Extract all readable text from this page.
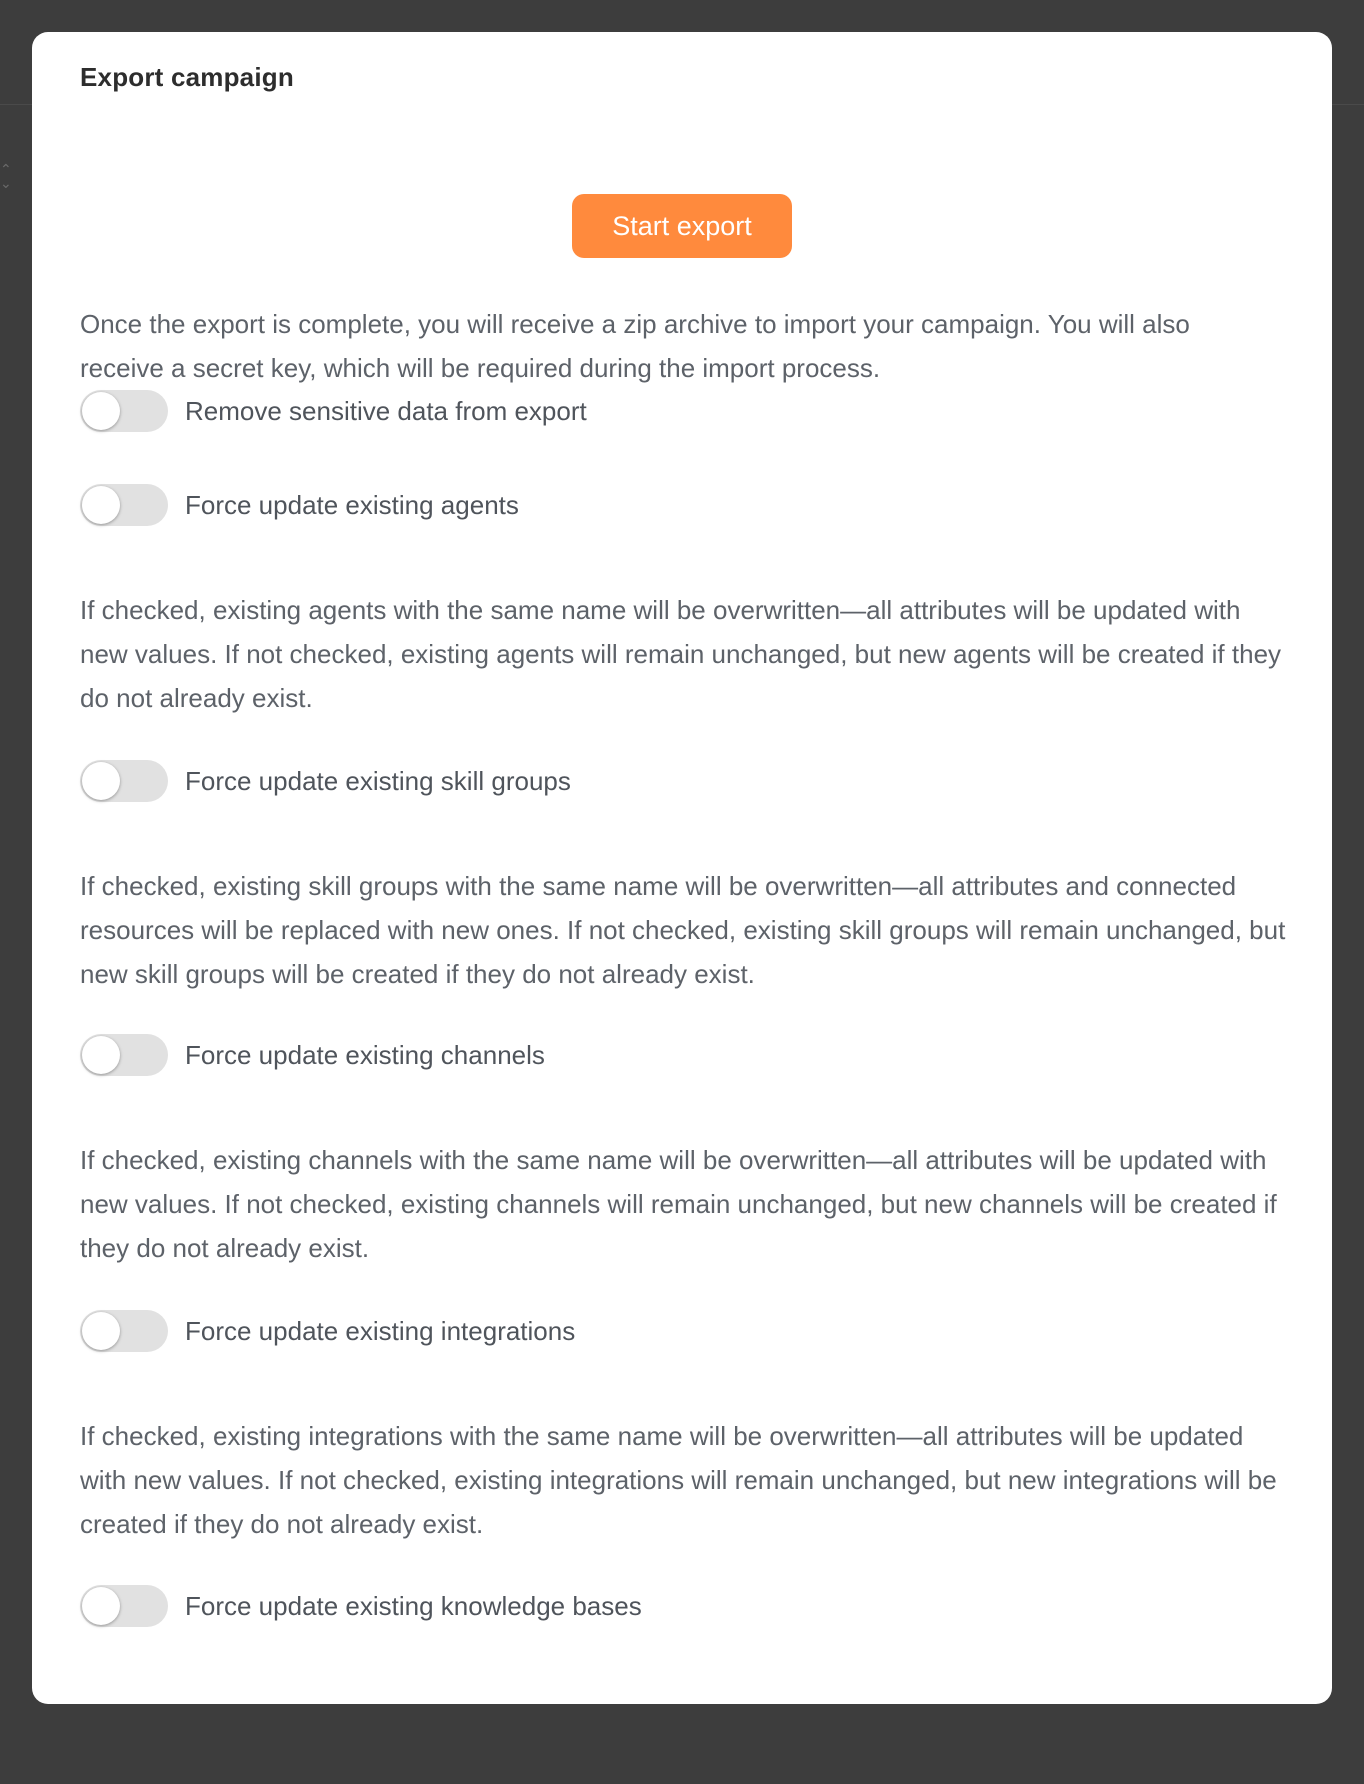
⌃
⌄
Export campaign
Start export

Once the export is complete, you will receive a zip archive to import your campaign. You will also receive a secret key, which will be required during the import process.

Remove sensitive data from export
Force update existing agents

If checked, existing agents with the same name will be overwritten—all attributes will be updated with new values. If not checked, existing agents will remain unchanged, but new agents will be created if they do not already exist.

Force update existing skill groups

If checked, existing skill groups with the same name will be overwritten—all attributes and connected resources will be replaced with new ones. If not checked, existing skill groups will remain unchanged, but new skill groups will be created if they do not already exist.

Force update existing channels

If checked, existing channels with the same name will be overwritten—all attributes will be updated with new values. If not checked, existing channels will remain unchanged, but new channels will be created if they do not already exist.

Force update existing integrations

If checked, existing integrations with the same name will be overwritten—all attributes will be updated with new values. If not checked, existing integrations will remain unchanged, but new integrations will be created if they do not already exist.

Force update existing knowledge bases
